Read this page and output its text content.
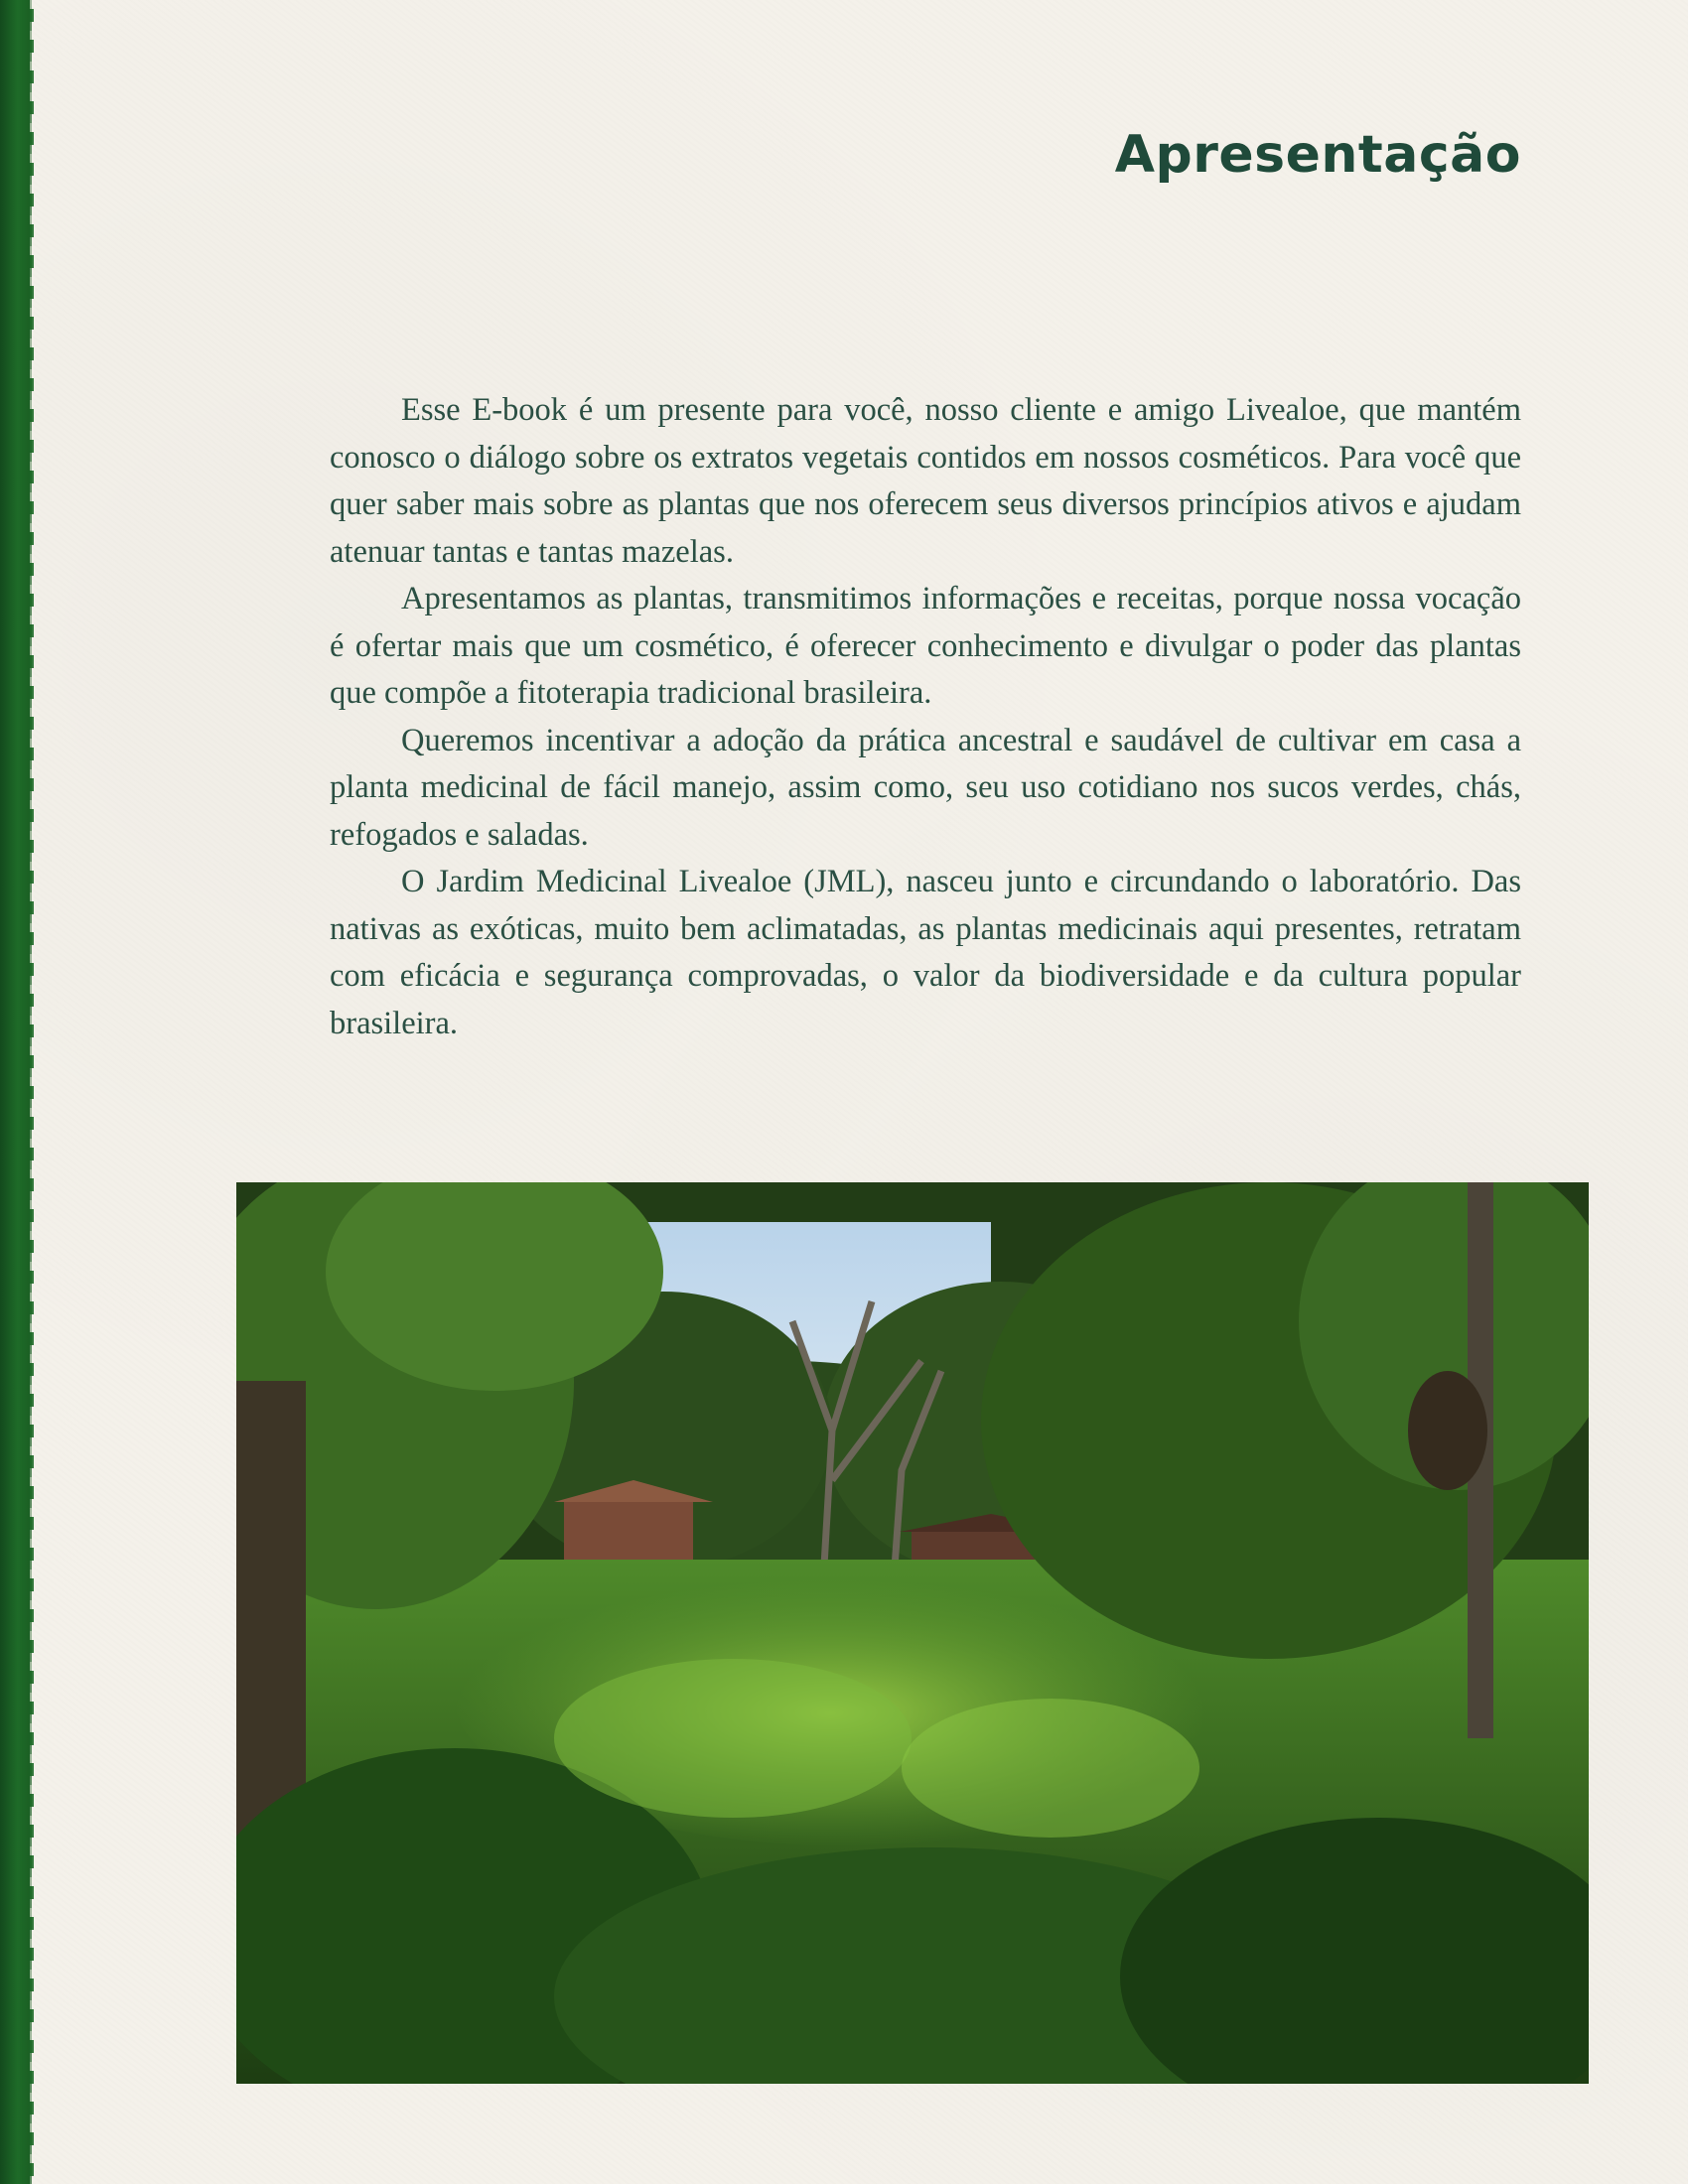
Apresentação

Esse E-book é um presente para você, nosso cliente e amigo Livealoe, que mantém conosco o diálogo sobre os extratos vegetais contidos em nossos cosméticos. Para você que quer saber mais sobre as plantas que nos oferecem seus diversos princípios ativos e ajudam atenuar tantas e tantas mazelas.

Apresentamos as plantas, transmitimos informações e receitas, porque nossa vocação é ofertar mais que um cosmético, é oferecer conhecimento e divulgar o poder das plantas que compõe a fitoterapia tradicional brasileira.

Queremos incentivar a adoção da prática ancestral e saudável de cultivar em casa a planta medicinal de fácil manejo, assim como, seu uso cotidiano nos sucos verdes, chás, refogados e saladas.

O Jardim Medicinal Livealoe (JML), nasceu junto e circundando o laboratório. Das nativas as exóticas, muito bem aclimatadas, as plantas medicinais aqui presentes, retratam com eficácia e segurança comprovadas, o valor da biodiversidade e da cultura popular brasileira.
